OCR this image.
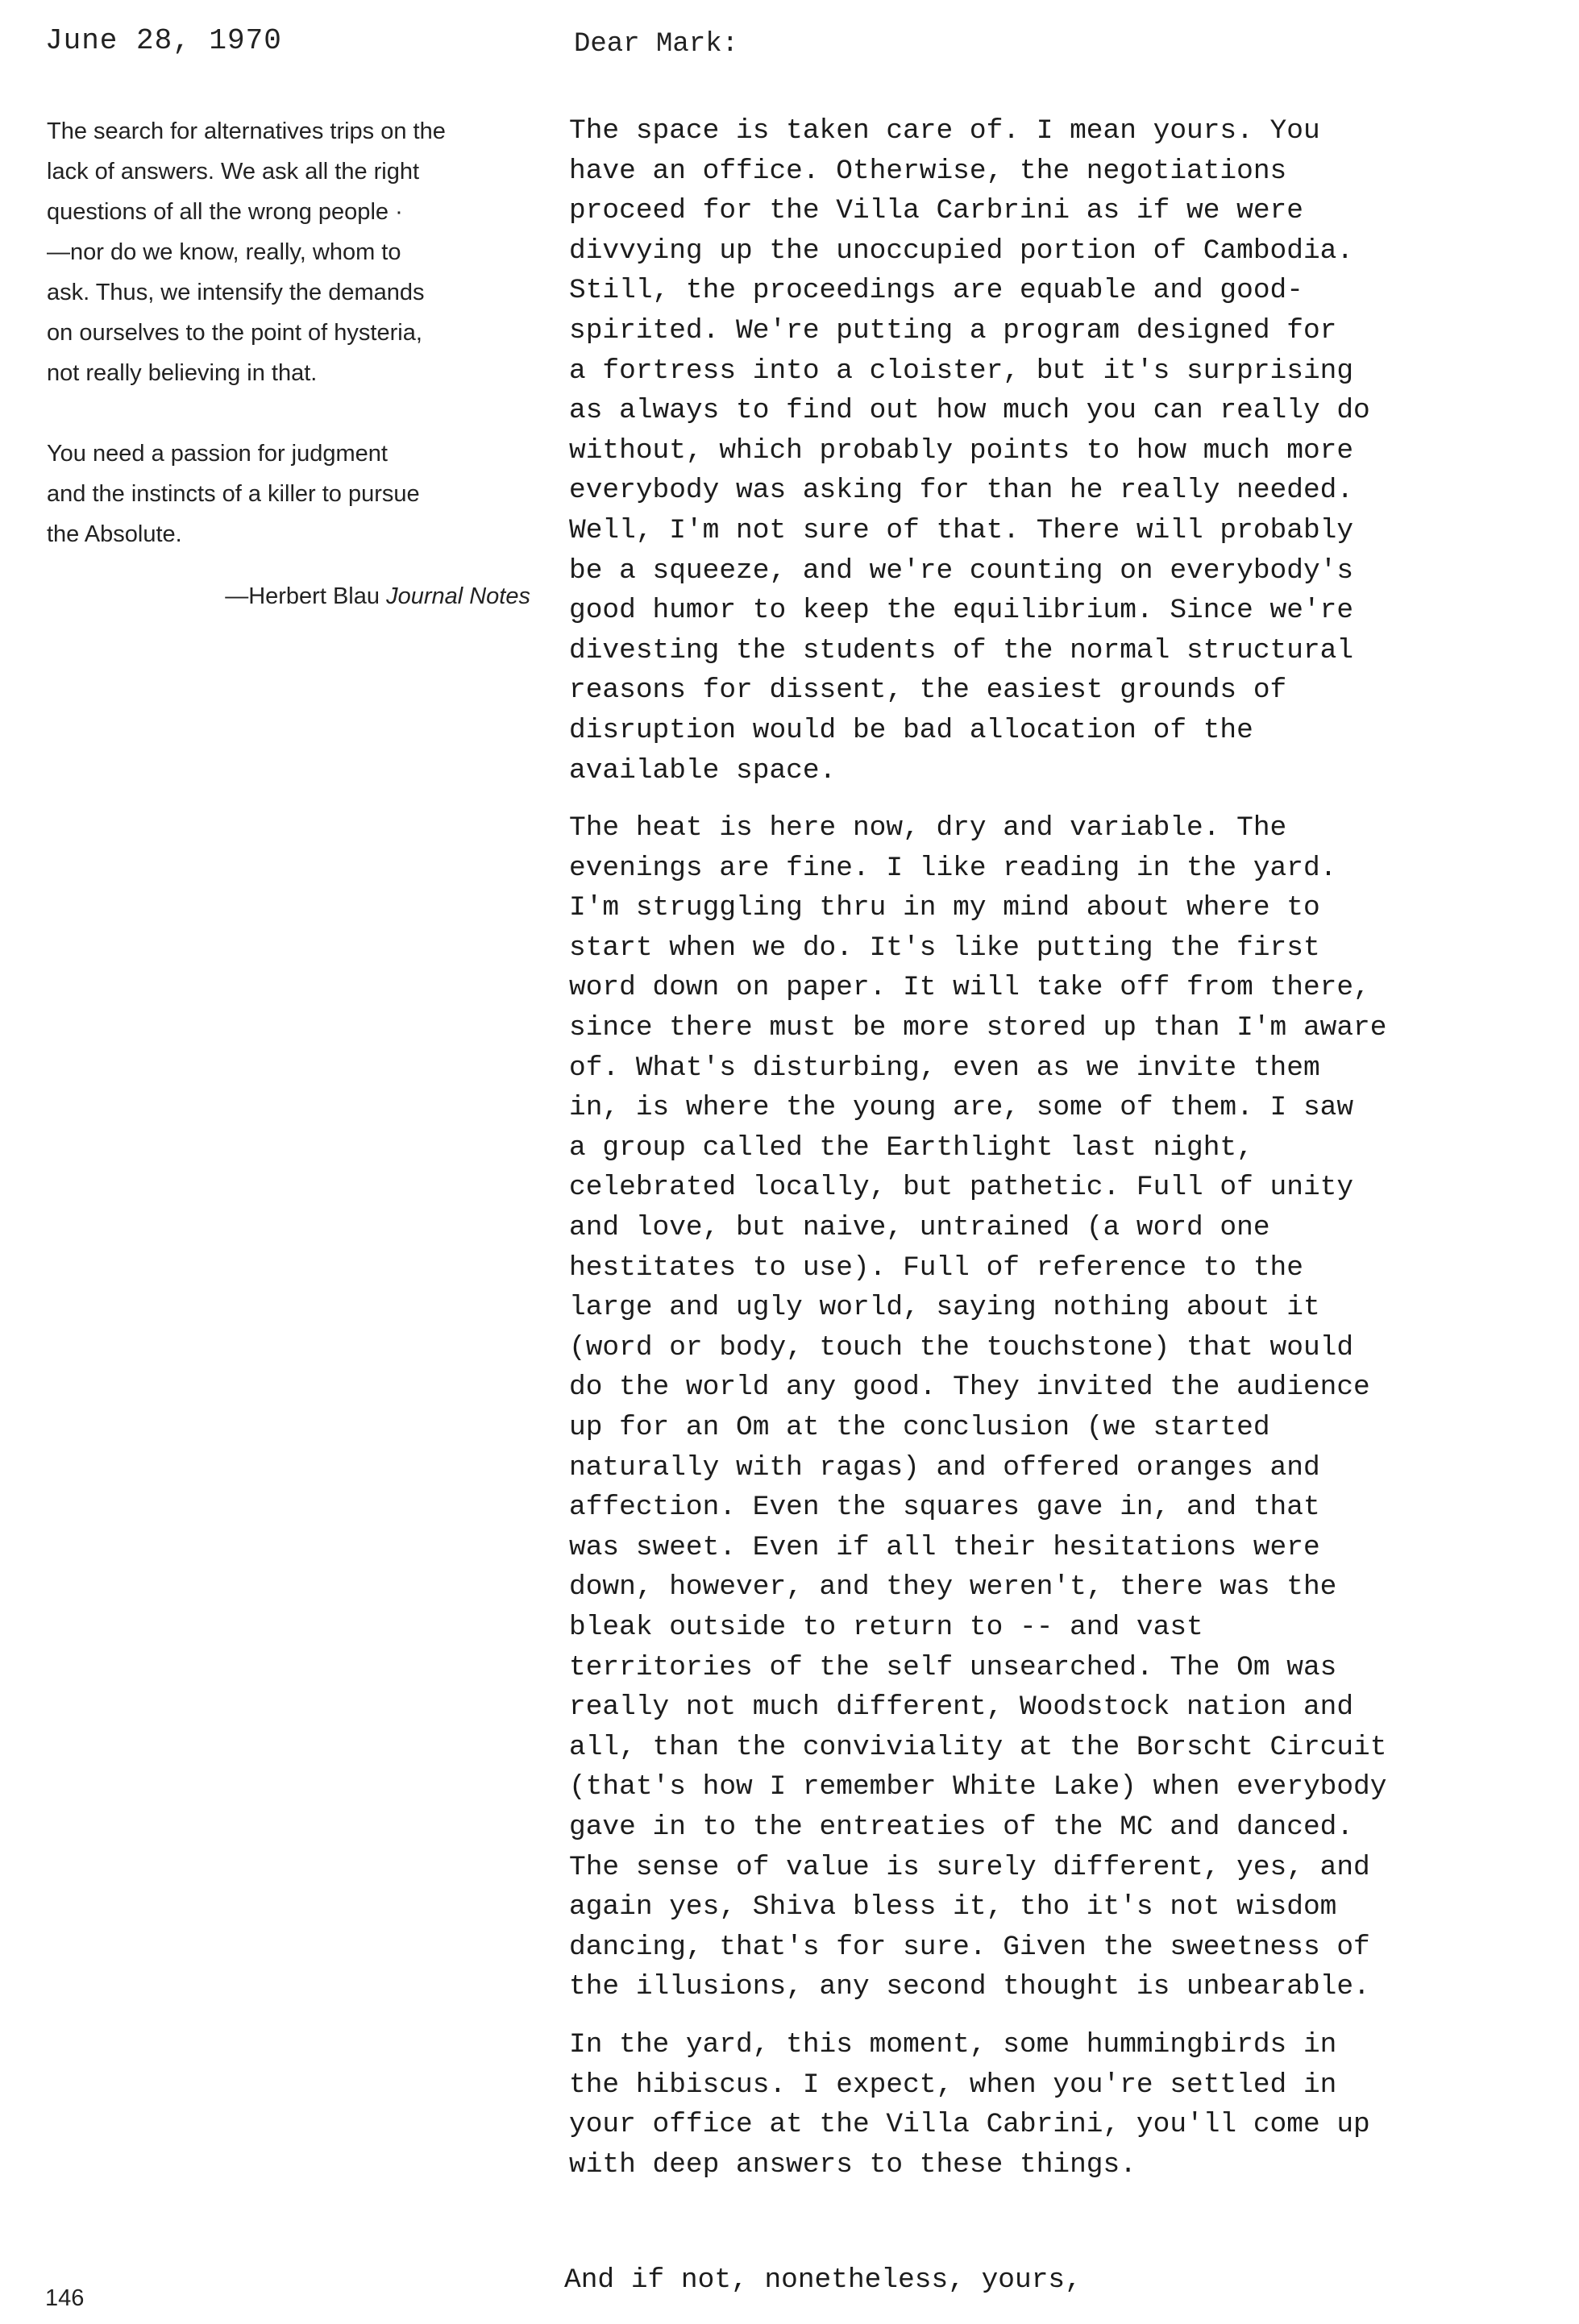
June 28, 1970

The search for alternatives trips on the
lack of answers. We ask all the right
questions of all the wrong people ·
—nor do we know, really, whom to
ask. Thus, we intensify the demands
on ourselves to the point of hysteria,
not really believing in that.

You need a passion for judgment
and the instincts of a killer to pursue
the Absolute.

—Herbert Blau Journal Notes
Dear Mark:

The space is taken care of. I mean yours. You
have an office. Otherwise, the negotiations
proceed for the Villa Carbrini as if we were
divvying up the unoccupied portion of Cambodia.
Still, the proceedings are equable and good-
spirited. We're putting a program designed for
a fortress into a cloister, but it's surprising
as always to find out how much you can really do
without, which probably points to how much more
everybody was asking for than he really needed.
Well, I'm not sure of that. There will probably
be a squeeze, and we're counting on everybody's
good humor to keep the equilibrium. Since we're
divesting the students of the normal structural
reasons for dissent, the easiest grounds of
disruption would be bad allocation of the
available space.

The heat is here now, dry and variable. The
evenings are fine. I like reading in the yard.
I'm struggling thru in my mind about where to
start when we do. It's like putting the first
word down on paper. It will take off from there,
since there must be more stored up than I'm aware
of. What's disturbing, even as we invite them
in, is where the young are, some of them. I saw
a group called the Earthlight last night,
celebrated locally, but pathetic. Full of unity
and love, but naive, untrained (a word one
hestitates to use). Full of reference to the
large and ugly world, saying nothing about it
(word or body, touch the touchstone) that would
do the world any good. They invited the audience
up for an Om at the conclusion (we started
naturally with ragas) and offered oranges and
affection. Even the squares gave in, and that
was sweet. Even if all their hesitations were
down, however, and they weren't, there was the
bleak outside to return to -- and vast
territories of the self unsearched. The Om was
really not much different, Woodstock nation and
all, than the conviviality at the Borscht Circuit
(that's how I remember White Lake) when everybody
gave in to the entreaties of the MC and danced.
The sense of value is surely different, yes, and
again yes, Shiva bless it, tho it's not wisdom
dancing, that's for sure. Given the sweetness of
the illusions, any second thought is unbearable.

In the yard, this moment, some hummingbirds in
the hibiscus. I expect, when you're settled in
your office at the Villa Cabrini, you'll come up
with deep answers to these things.

And if not, nonetheless, yours,
146
